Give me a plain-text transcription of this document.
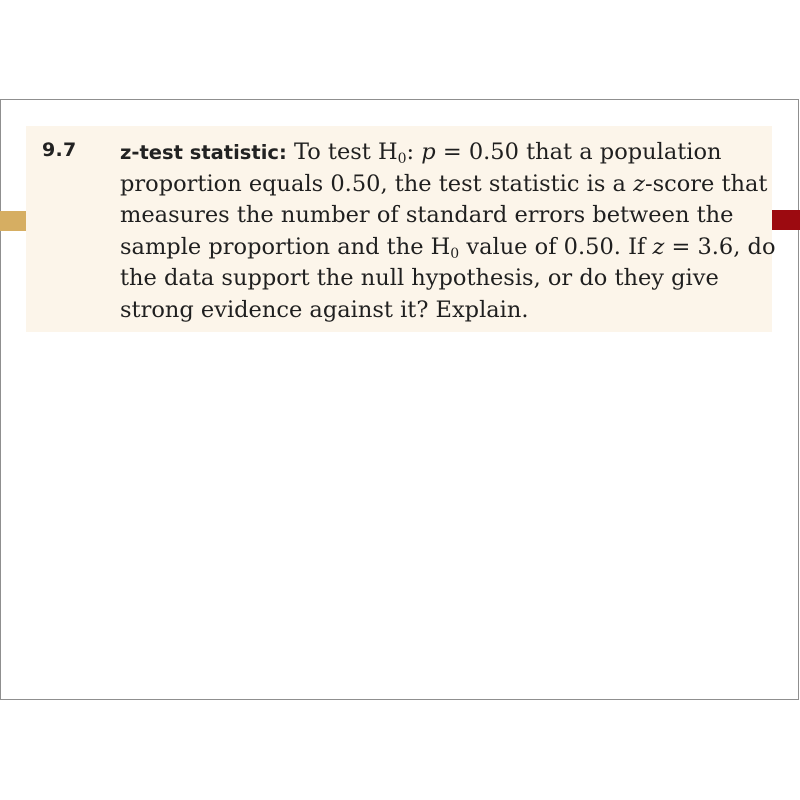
9.7 z-test statistic: To test $H_0$: p = 0.50 that a population
proportion equals 0.50, the test statistic is a z-score that
measures the number of standard errors between the
sample proportion and the $H_0$ value of 0.50. If z = 3.6, do
the data support the null hypothesis, or do they give
strong evidence against it? Explain.
